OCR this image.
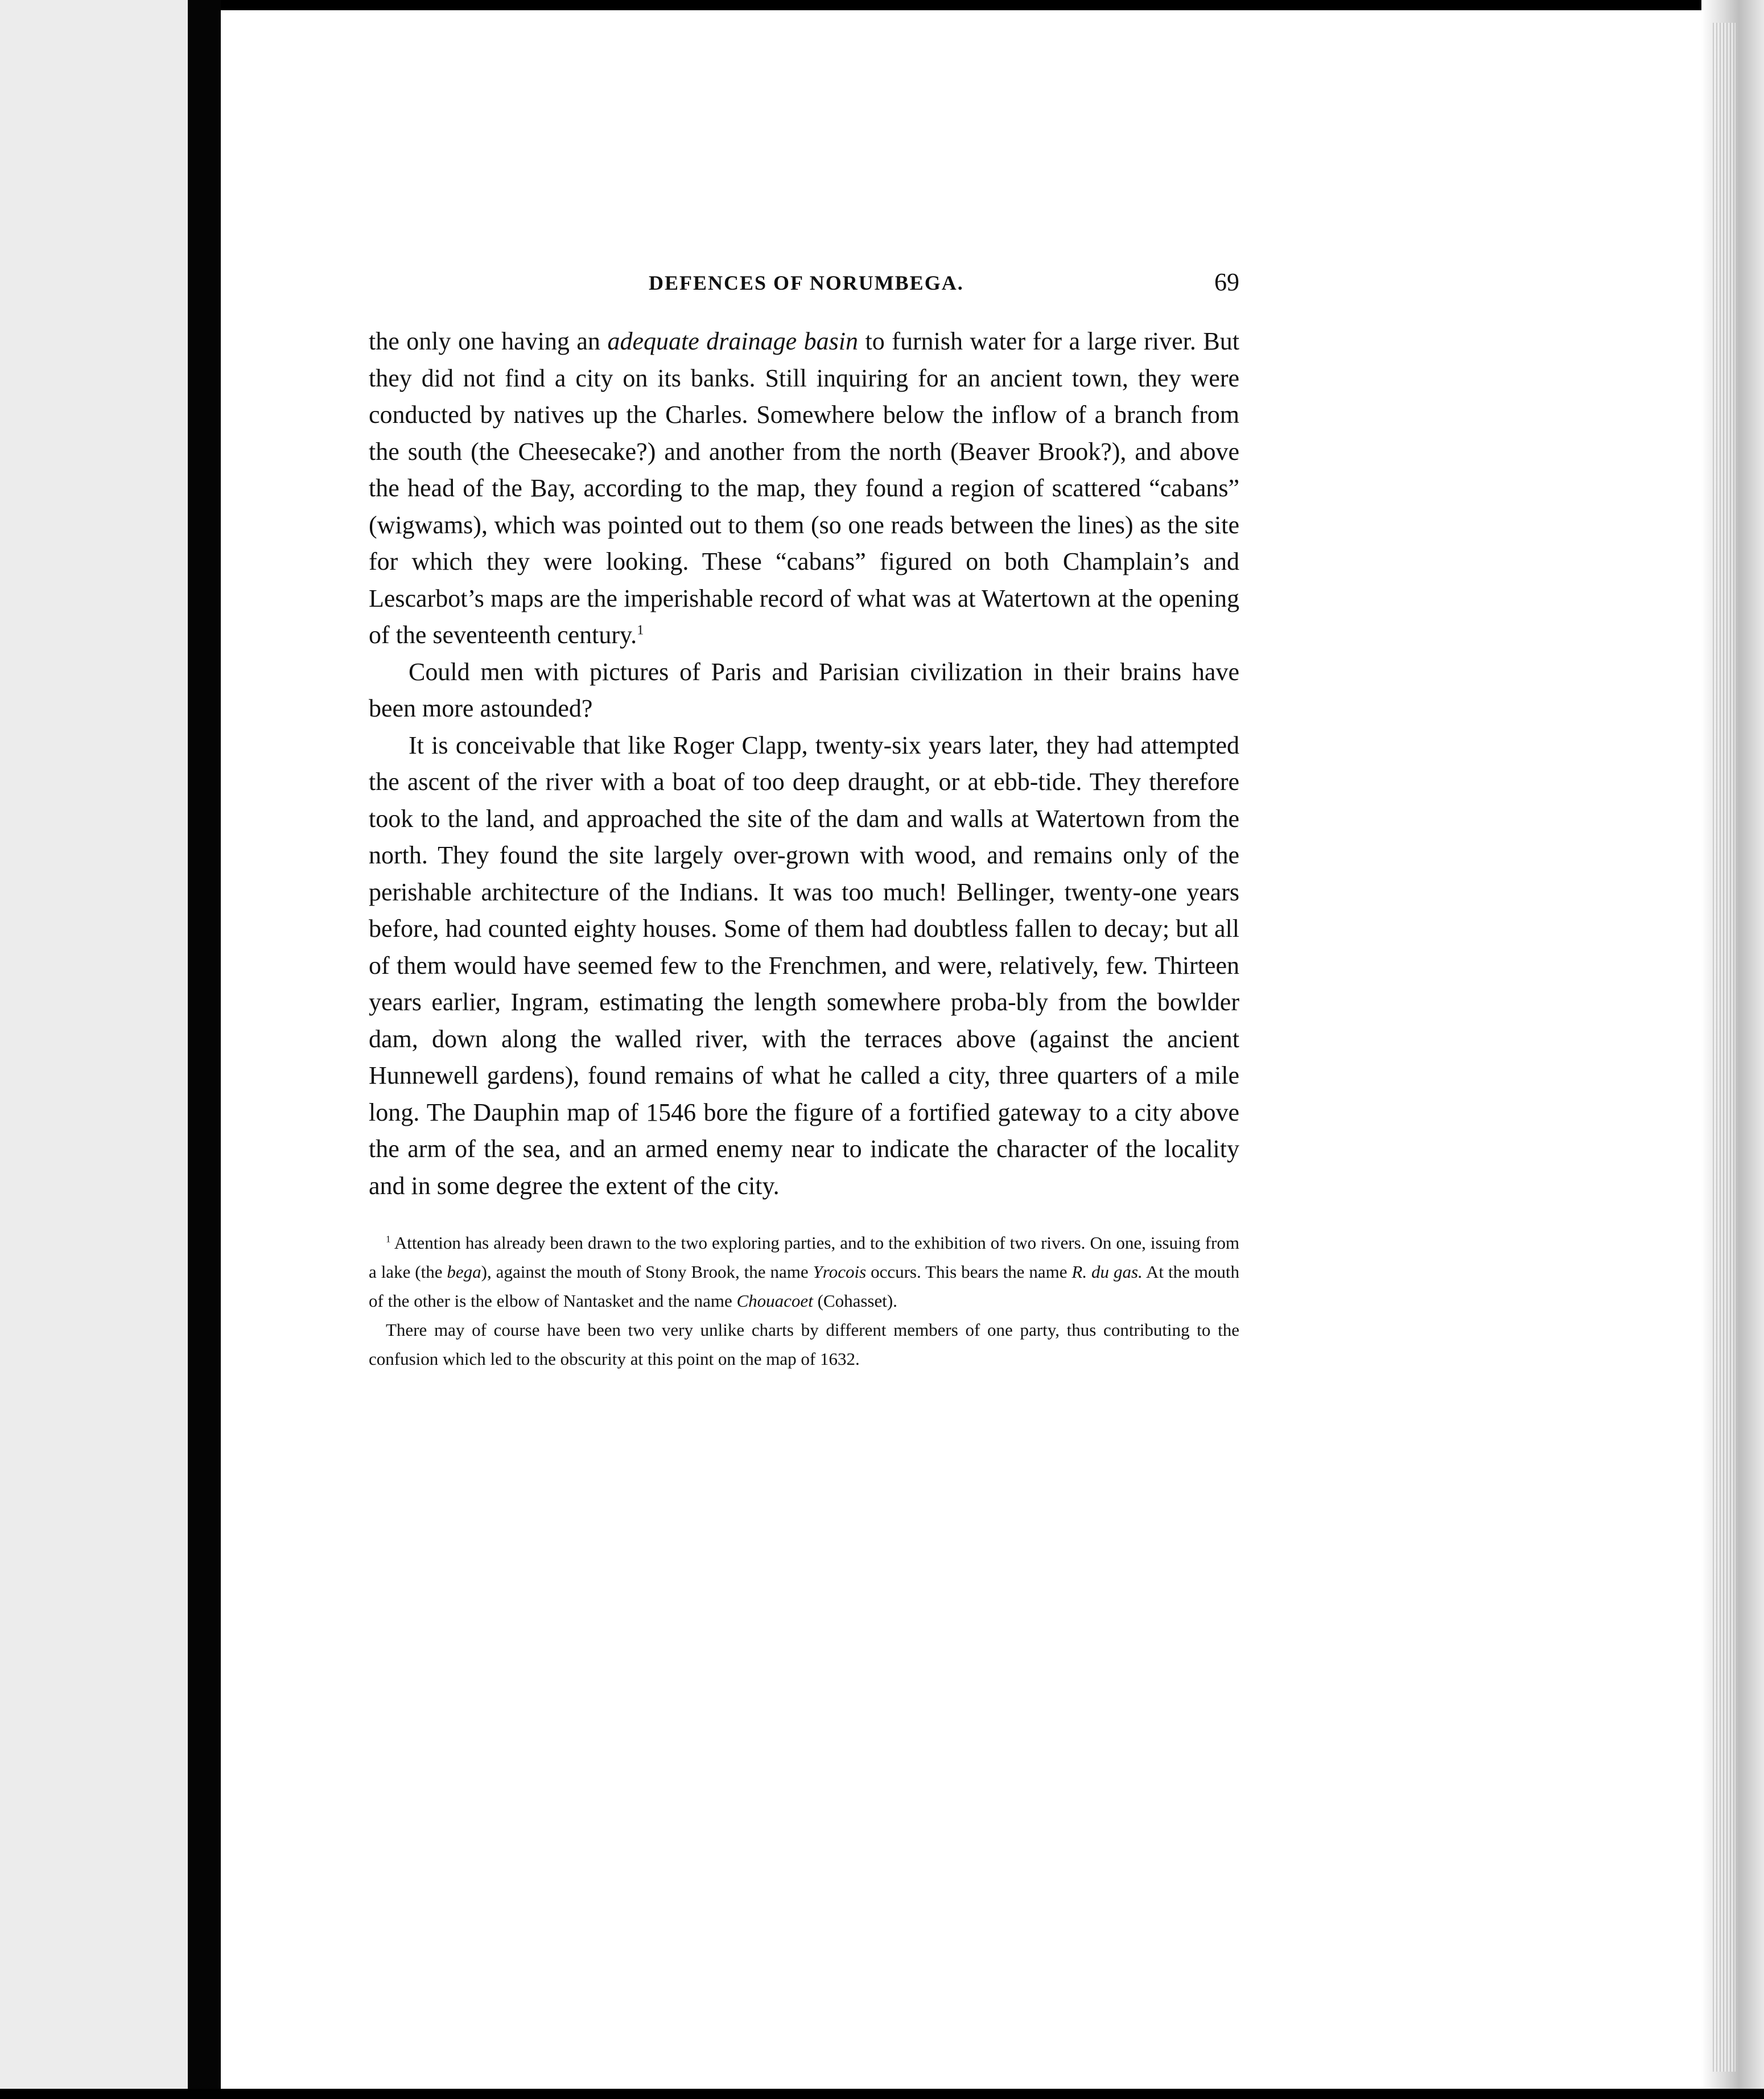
DEFENCES OF NORUMBEGA.	69

the only one having an adequate drainage basin to furnish water for a large river. But they did not find a city on its banks. Still inquiring for an ancient town, they were conducted by natives up the Charles. Somewhere below the inflow of a branch from the south (the Cheesecake?) and another from the north (Beaver Brook?), and above the head of the Bay, according to the map, they found a region of scattered “cabans” (wigwams), which was pointed out to them (so one reads between the lines) as the site for which they were looking. These “cabans” figured on both Champlain’s and Lescarbot’s maps are the imperishable record of what was at Watertown at the opening of the seventeenth century.$^1$

Could men with pictures of Paris and Parisian civilization in their brains have been more astounded?

It is conceivable that like Roger Clapp, twenty-six years later, they had attempted the ascent of the river with a boat of too deep draught, or at ebb-tide. They therefore took to the land, and approached the site of the dam and walls at Watertown from the north. They found the site largely over-grown with wood, and remains only of the perishable architecture of the Indians. It was too much! Bellinger, twenty-one years before, had counted eighty houses. Some of them had doubtless fallen to decay; but all of them would have seemed few to the Frenchmen, and were, relatively, few. Thirteen years earlier, Ingram, estimating the length somewhere proba-bly from the bowlder dam, down along the walled river, with the terraces above (against the ancient Hunnewell gardens), found remains of what he called a city, three quarters of a mile long. The Dauphin map of 1546 bore the figure of a fortified gateway to a city above the arm of the sea, and an armed enemy near to indicate the character of the locality and in some degree the extent of the city.

$^1$ Attention has already been drawn to the two exploring parties, and to the exhibition of two rivers. On one, issuing from a lake (the bega), against the mouth of Stony Brook, the name Yrocois occurs. This bears the name R. du gas. At the mouth of the other is the elbow of Nantasket and the name Chouacoet (Cohasset).

There may of course have been two very unlike charts by different members of one party, thus contributing to the confusion which led to the obscurity at this point on the map of 1632.
